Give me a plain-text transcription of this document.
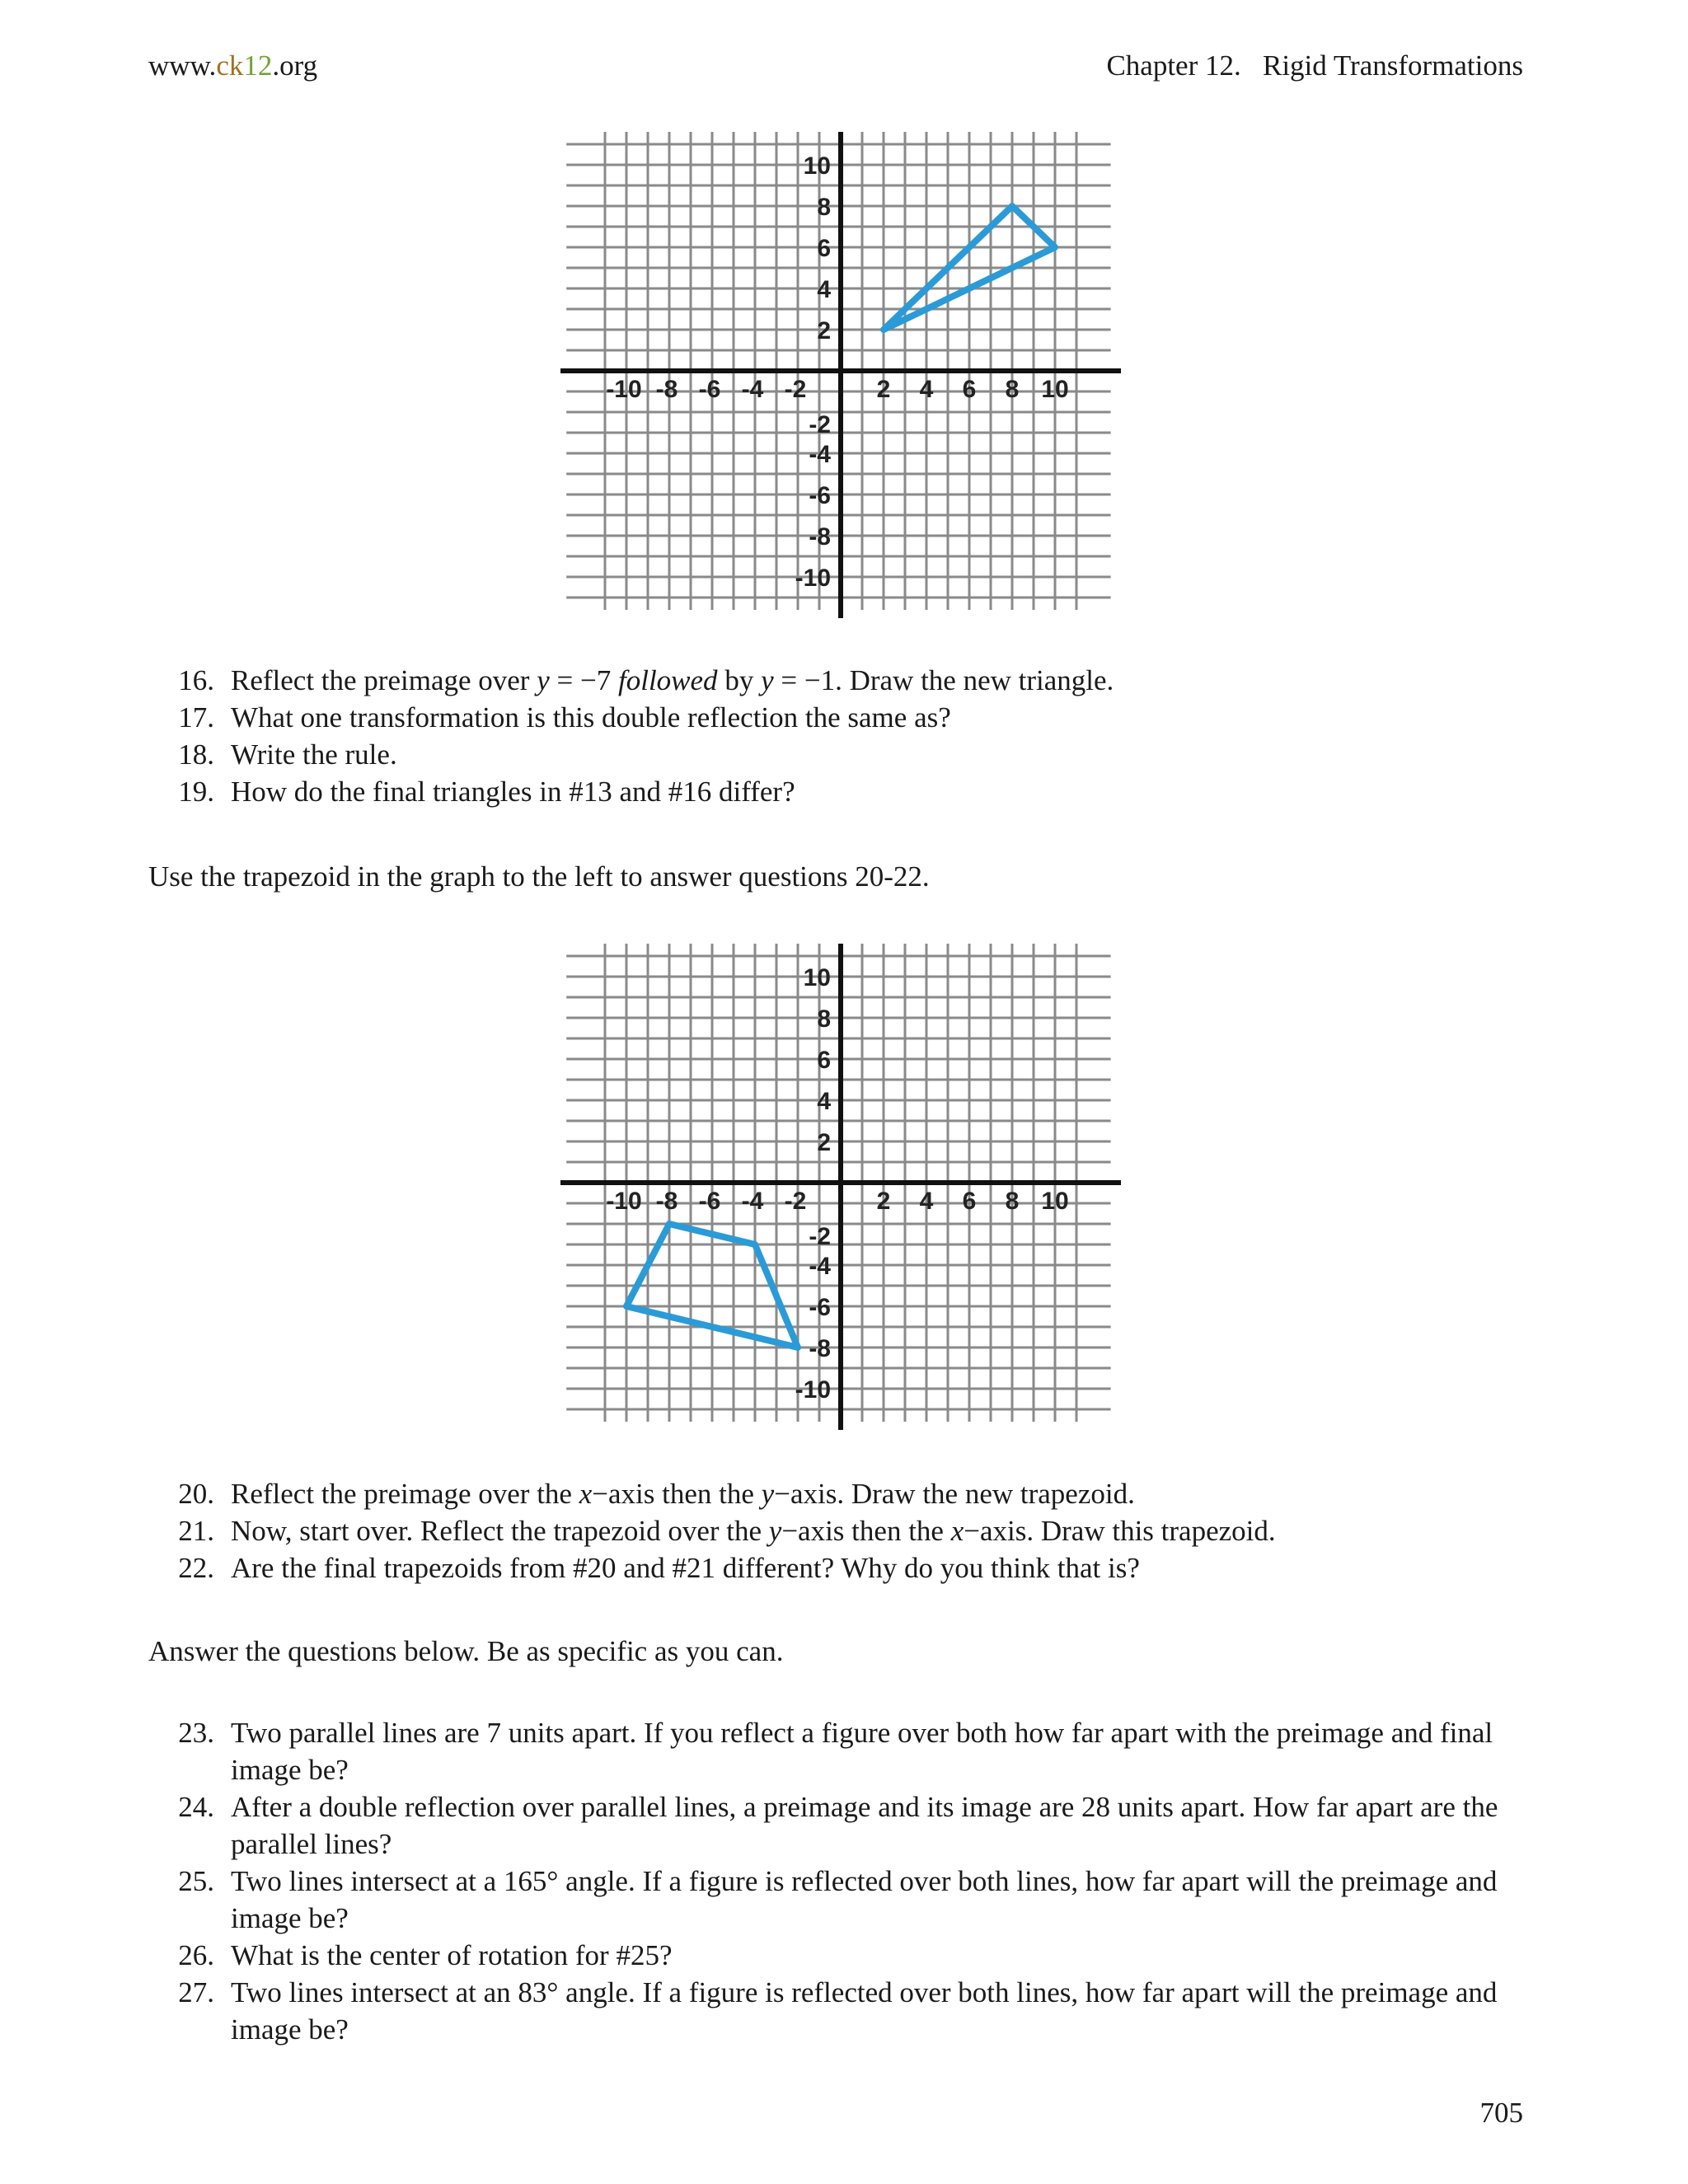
www.ck12.org	Chapter 12.   Rigid Transformations
-10 -8 -6 -4 -2	2 4 6 8 10
10
8
6
4
2
-2
-4
-6
-8
-10
16. Reflect the preimage over y = −7 followed by y = −1. Draw the new triangle.
17. What one transformation is this double reflection the same as?
18. Write the rule.
19. How do the final triangles in #13 and #16 differ?
Use the trapezoid in the graph to the left to answer questions 20-22.
-10 -8 -6 -4 -2	2 4 6 8 10
10
8
6
4
2
-2
-4
-6
-8
-10
20. Reflect the preimage over the x−axis then the y−axis. Draw the new trapezoid.
21. Now, start over. Reflect the trapezoid over the y−axis then the x−axis. Draw this trapezoid.
22. Are the final trapezoids from #20 and #21 different? Why do you think that is?
Answer the questions below. Be as specific as you can.
23. Two parallel lines are 7 units apart. If you reflect a figure over both how far apart with the preimage and final image be?
24. After a double reflection over parallel lines, a preimage and its image are 28 units apart. How far apart are the parallel lines?
25. Two lines intersect at a 165° angle. If a figure is reflected over both lines, how far apart will the preimage and image be?
26. What is the center of rotation for #25?
27. Two lines intersect at an 83° angle. If a figure is reflected over both lines, how far apart will the preimage and image be?
705
